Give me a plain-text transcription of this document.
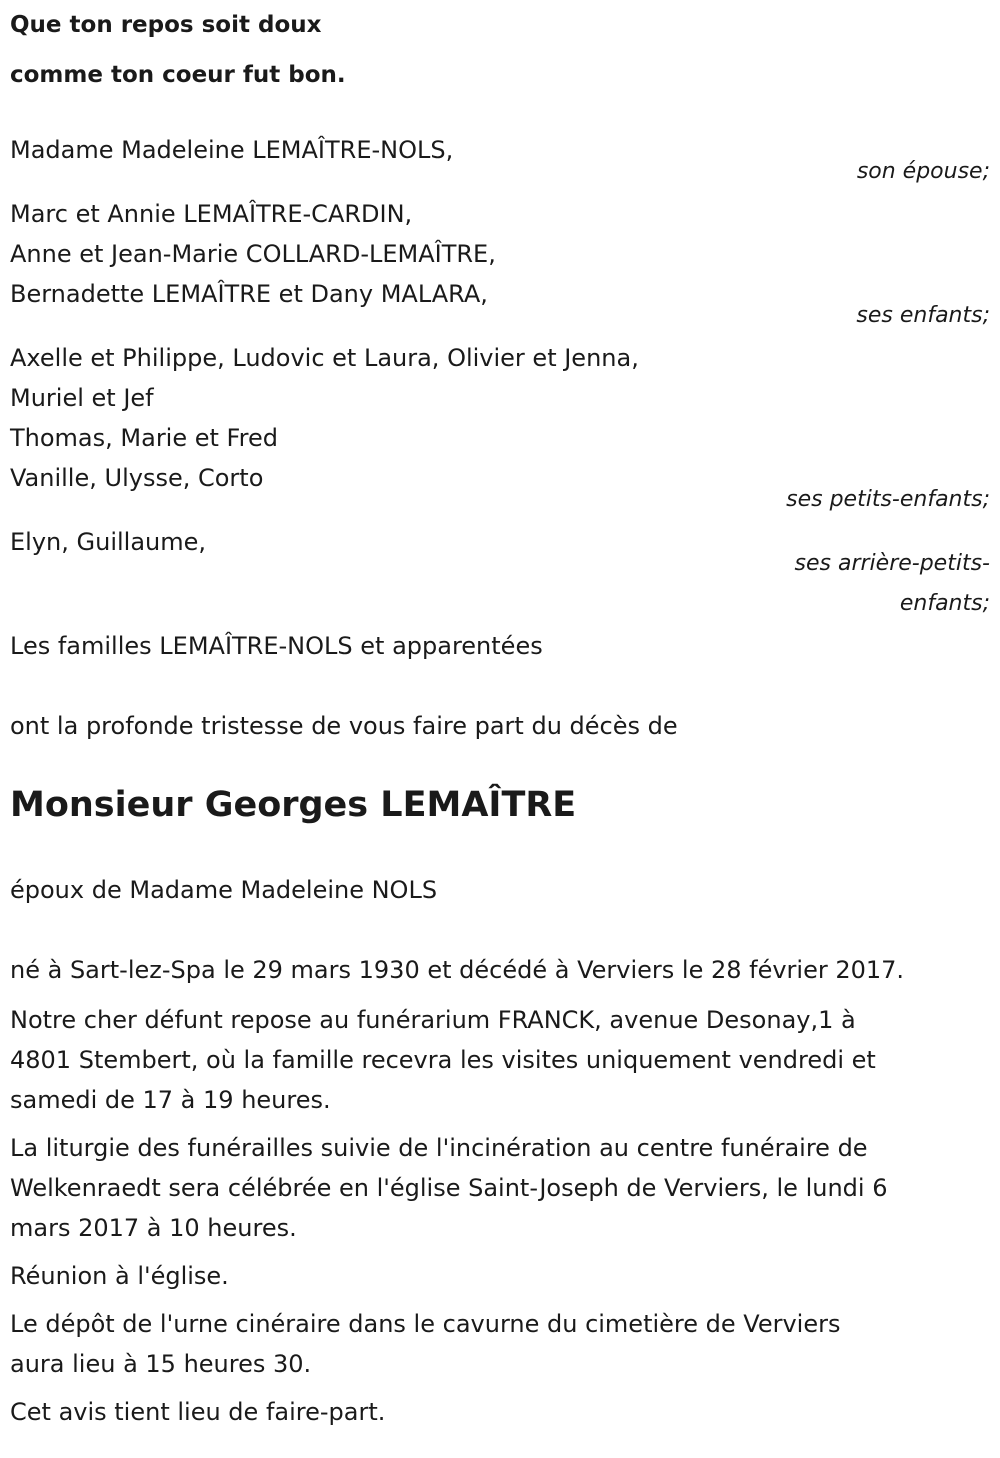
Que ton repos soit doux
comme ton coeur fut bon.
Madame Madeleine LEMAÎTRE-NOLS,
son épouse;
Marc et Annie LEMAÎTRE-CARDIN,
Anne et Jean-Marie COLLARD-LEMAÎTRE,
Bernadette LEMAÎTRE et Dany MALARA,
ses enfants;
Axelle et Philippe, Ludovic et Laura, Olivier et Jenna,
Muriel et Jef
Thomas, Marie et Fred
Vanille, Ulysse, Corto
ses petits-enfants;
Elyn, Guillaume,
ses arrière-petits-
enfants;
Les familles LEMAÎTRE-NOLS et apparentées
ont la profonde tristesse de vous faire part du décès de
Monsieur Georges LEMAÎTRE
époux de Madame Madeleine NOLS
né à Sart-lez-Spa le 29 mars 1930 et décédé à Verviers le 28 février 2017.
Notre cher défunt repose au funérarium FRANCK, avenue Desonay,1 à
4801 Stembert, où la famille recevra les visites uniquement vendredi et
samedi de 17 à 19 heures.
La liturgie des funérailles suivie de l'incinération au centre funéraire de
Welkenraedt sera célébrée en l'église Saint-Joseph de Verviers, le lundi 6
mars 2017 à 10 heures.
Réunion à l'église.
Le dépôt de l'urne cinéraire dans le cavurne du cimetière de Verviers
aura lieu à 15 heures 30.
Cet avis tient lieu de faire-part.
